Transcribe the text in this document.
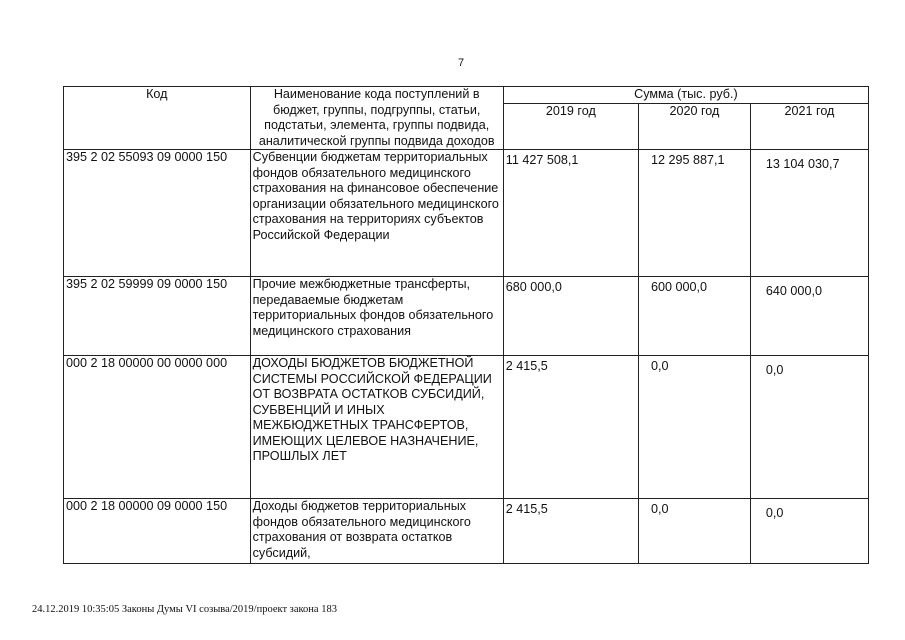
7
Код	Наименование кода поступлений в бюджет, группы, подгруппы, статьи, подстатьи, элемента, группы подвида, аналитической группы подвида доходов	Сумма (тыс. руб.)		
		2019 год	2020 год	2021 год
395 2 02 55093 09 0000 150	Субвенции бюджетам территориальных фондов обязательного медицинского страхования на финансовое обеспечение организации обязательного медицинского страхования на территориях субъектов Российской Федерации	11 427 508,1	12 295 887,1	13 104 030,7
395 2 02 59999 09 0000 150	Прочие межбюджетные трансферты, передаваемые бюджетам территориальных фондов обязательного медицинского страхования	680 000,0	600 000,0	640 000,0
000 2 18 00000 00 0000 000	ДОХОДЫ БЮДЖЕТОВ БЮДЖЕТНОЙ СИСТЕМЫ РОССИЙСКОЙ ФЕДЕРАЦИИ ОТ ВОЗВРАТА ОСТАТКОВ СУБСИДИЙ, СУБВЕНЦИЙ И ИНЫХ МЕЖБЮДЖЕТНЫХ ТРАНСФЕРТОВ, ИМЕЮЩИХ ЦЕЛЕВОЕ НАЗНАЧЕНИЕ, ПРОШЛЫХ ЛЕТ	2 415,5	0,0	0,0
000 2 18 00000 09 0000 150	Доходы бюджетов территориальных фондов обязательного медицинского страхования от возврата остатков субсидий,	2 415,5	0,0	0,0
24.12.2019 10:35:05 Законы Думы VI созыва/2019/проект закона 183
